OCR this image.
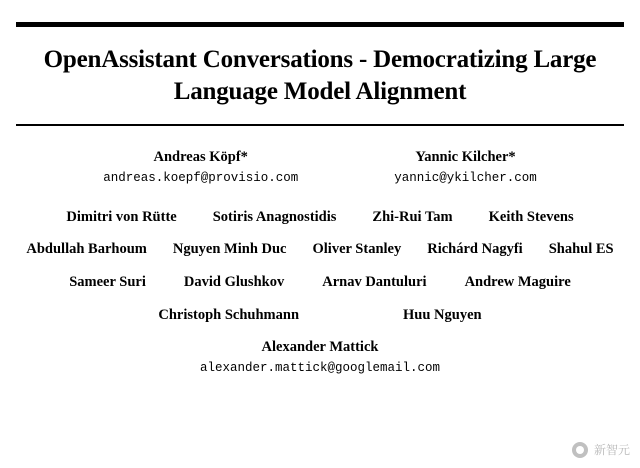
OpenAssistant Conversations - Democratizing Large Language Model Alignment
Andreas Köpf*
andreas.koepf@provisio.com
Yannic Kilcher*
yannic@ykilcher.com
Dimitri von Rütte Sotiris Anagnostidis Zhi-Rui Tam Keith Stevens
Abdullah Barhoum Nguyen Minh Duc Oliver Stanley Richárd Nagyfi Shahul ES
Sameer Suri	David Glushkov	Arnav Dantuluri	Andrew Maguire
Christoph Schuhmann	Huu Nguyen
Alexander Mattick
alexander.mattick@googlemail.com
新智元
